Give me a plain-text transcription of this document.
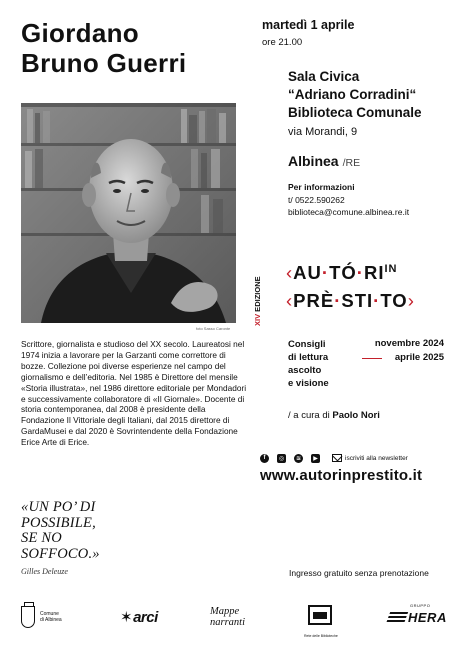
Giordano
Bruno Guerri
martedì 1 aprile
ore 21.00
Sala Civica
“Adriano Corradini“
Biblioteca Comunale
via Morandi, 9
Albinea /RE
Per informazioni
t/ 0522.590262
biblioteca@comune.albinea.re.it
foto Sasso Caronte
XIV EDIZIONE
$‹AU\cdot TÓ\cdot RI^{IN}$
‹PRÈ·STI·TO›
Consigli
di lettura
ascolto
e visione
novembre 2024
aprile 2025
/ a cura di Paolo Nori
f	◎	≋	▶	iscriviti alla newsletter
www.autorinprestito.it
Scrittore, giornalista e studioso del XX secolo. Laureatosi nel 1974 inizia a lavorare per la Garzanti come correttore di bozze. Collezione poi diverse esperienze nel campo del giornalismo e dell’editoria. Nel 1985 è Direttore del mensile «Storia illustrata», nel 1986 direttore editoriale per Mondadori e successivamente collaboratore di «Il Giornale». Docente di storia contemporanea, dal 2008 è presidente della Fondazione Il Vittoriale degli Italiani, dal 2015 direttore di GardaMusei e dal 2020 è Sovrintendente della Fondazione Erice Arte di Erice.
«UN PO’ DI
POSSIBILE,
SE NO
SOFFOCO.»
Gilles Deleuze	Ingresso gratuito senza prenotazione
Comune
di Albinea	✶arci	Mappe
narranti
Rete delle Biblioteche
GRUPPO
HERA
